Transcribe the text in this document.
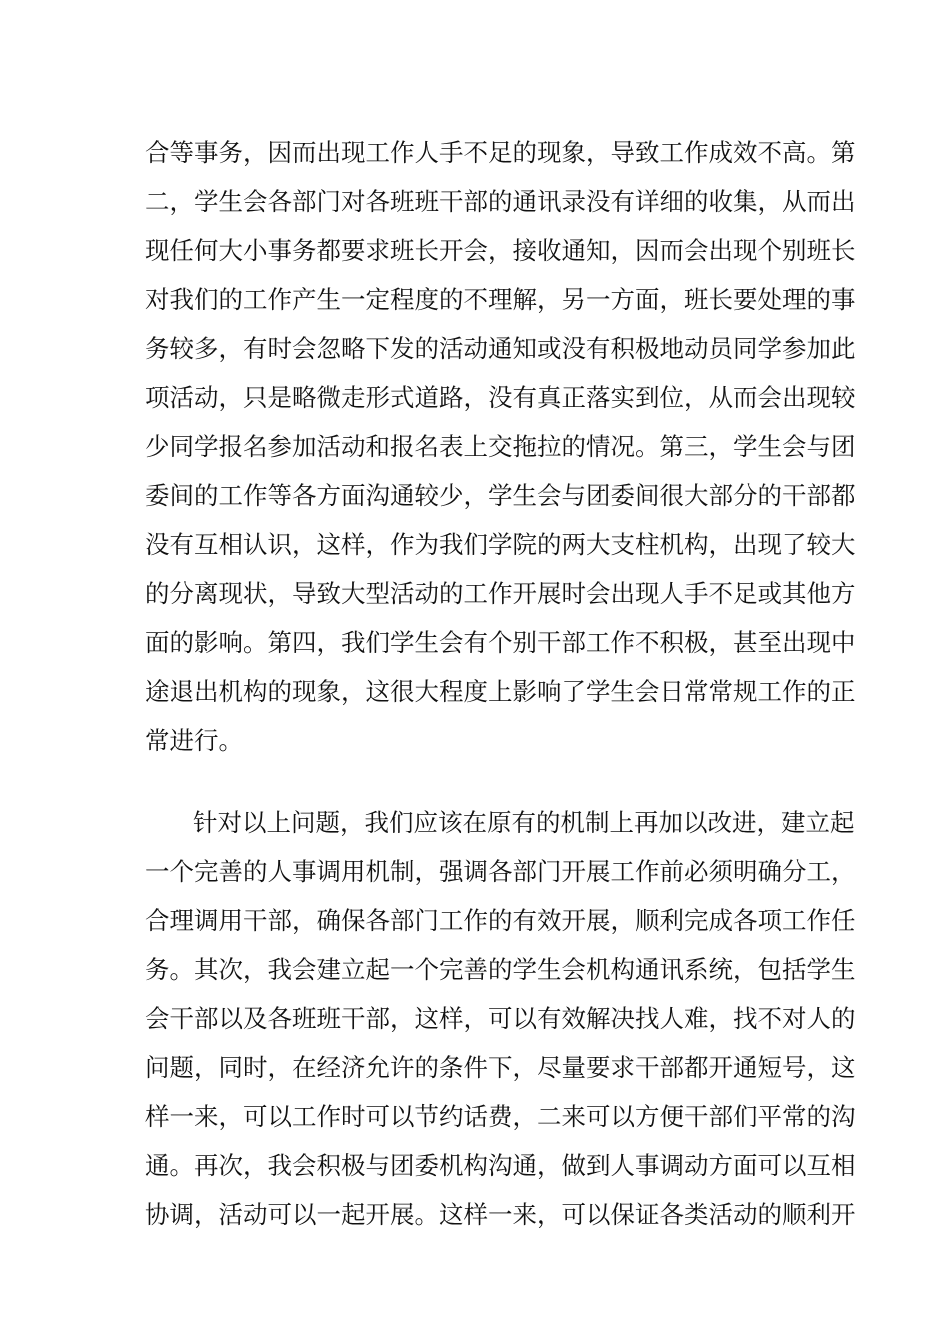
合等事务，因而出现工作人手不足的现象，导致工作成效不高。第
二，学生会各部门对各班班干部的通讯录没有详细的收集，从而出
现任何大小事务都要求班长开会，接收通知，因而会出现个别班长
对我们的工作产生一定程度的不理解，另一方面，班长要处理的事
务较多，有时会忽略下发的活动通知或没有积极地动员同学参加此
项活动，只是略微走形式道路，没有真正落实到位，从而会出现较
少同学报名参加活动和报名表上交拖拉的情况。第三，学生会与团
委间的工作等各方面沟通较少，学生会与团委间很大部分的干部都
没有互相认识，这样，作为我们学院的两大支柱机构，出现了较大
的分离现状，导致大型活动的工作开展时会出现人手不足或其他方
面的影响。第四，我们学生会有个别干部工作不积极，甚至出现中
途退出机构的现象，这很大程度上影响了学生会日常常规工作的正
常进行。
针对以上问题，我们应该在原有的机制上再加以改进，建立起
一个完善的人事调用机制，强调各部门开展工作前必须明确分工，
合理调用干部，确保各部门工作的有效开展，顺利完成各项工作任
务。其次，我会建立起一个完善的学生会机构通讯系统，包括学生
会干部以及各班班干部，这样，可以有效解决找人难，找不对人的
问题，同时，在经济允许的条件下，尽量要求干部都开通短号，这
样一来，可以工作时可以节约话费，二来可以方便干部们平常的沟
通。再次，我会积极与团委机构沟通，做到人事调动方面可以互相
协调，活动可以一起开展。这样一来，可以保证各类活动的顺利开
